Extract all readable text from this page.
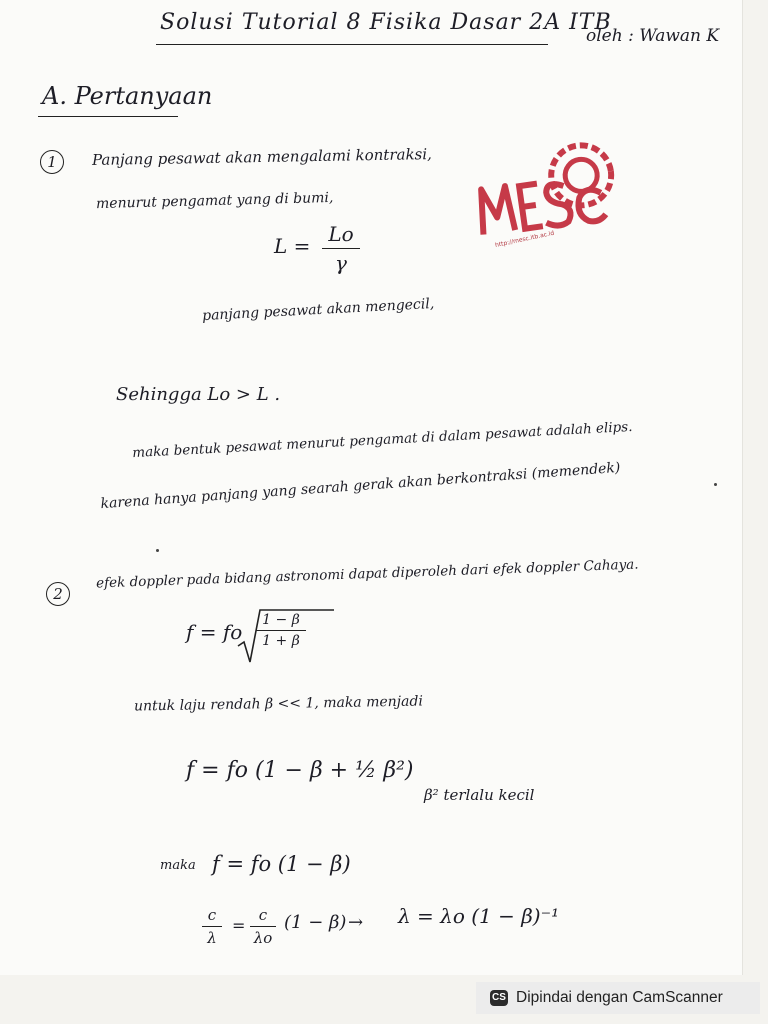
Solusi Tutorial 8 Fisika Dasar 2A ITB
oleh : Wawan K
A. Pertanyaan
1	Panjang pesawat akan mengalami kontraksi,
menurut pengamat yang di bumi,
L = Lo
γ
panjang pesawat akan mengecil,
Sehingga Lo > L .
maka bentuk pesawat menurut pengamat di dalam pesawat adalah elips.
karena hanya panjang yang searah gerak akan berkontraksi (memendek)
2
efek doppler pada bidang astronomi dapat diperoleh dari efek doppler Cahaya.
f = fo	1 − β
1 + β
untuk laju rendah β << 1, maka menjadi
f = fo (1 − β + ½ β²)
β² terlalu kecil
maka f = fo (1 − β)
c
λ
=
c
λo
(1 − β) → λ = λo (1 − β)⁻¹
http://mesc.itb.ac.id
CS Dipindai dengan CamScanner
